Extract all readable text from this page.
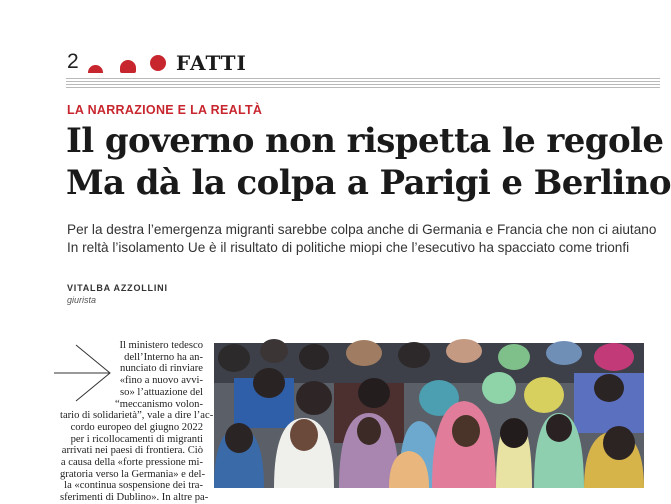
2	FATTI
LA NARRAZIONE E LA REALTÀ
Il governo non rispetta le regole
Ma dà la colpa a Parigi e Berlino
Per la destra l’emergenza migranti sarebbe colpa anche di Germania e Francia che non ci aiutano
In reltà l’isolamento Ue è il risultato di politiche miopi che l’esecutivo ha spacciato come trionfi
VITALBA AZZOLLINI
giurista
Il ministero tedesco
dell’Interno ha an-
nunciato di rinviare
«fino a nuovo avvi-
so» l’attuazione del
“meccanismo volon-
tario di solidarietà”, vale a dire l’ac-
cordo europeo del giugno 2022
per i ricollocamenti di migranti
arrivati nei paesi di frontiera. Ciò
a causa della «forte pressione mi-
gratoria verso la Germania» e del-
la «continua sospensione dei tra-
sferimenti di Dublino». In altre pa-
